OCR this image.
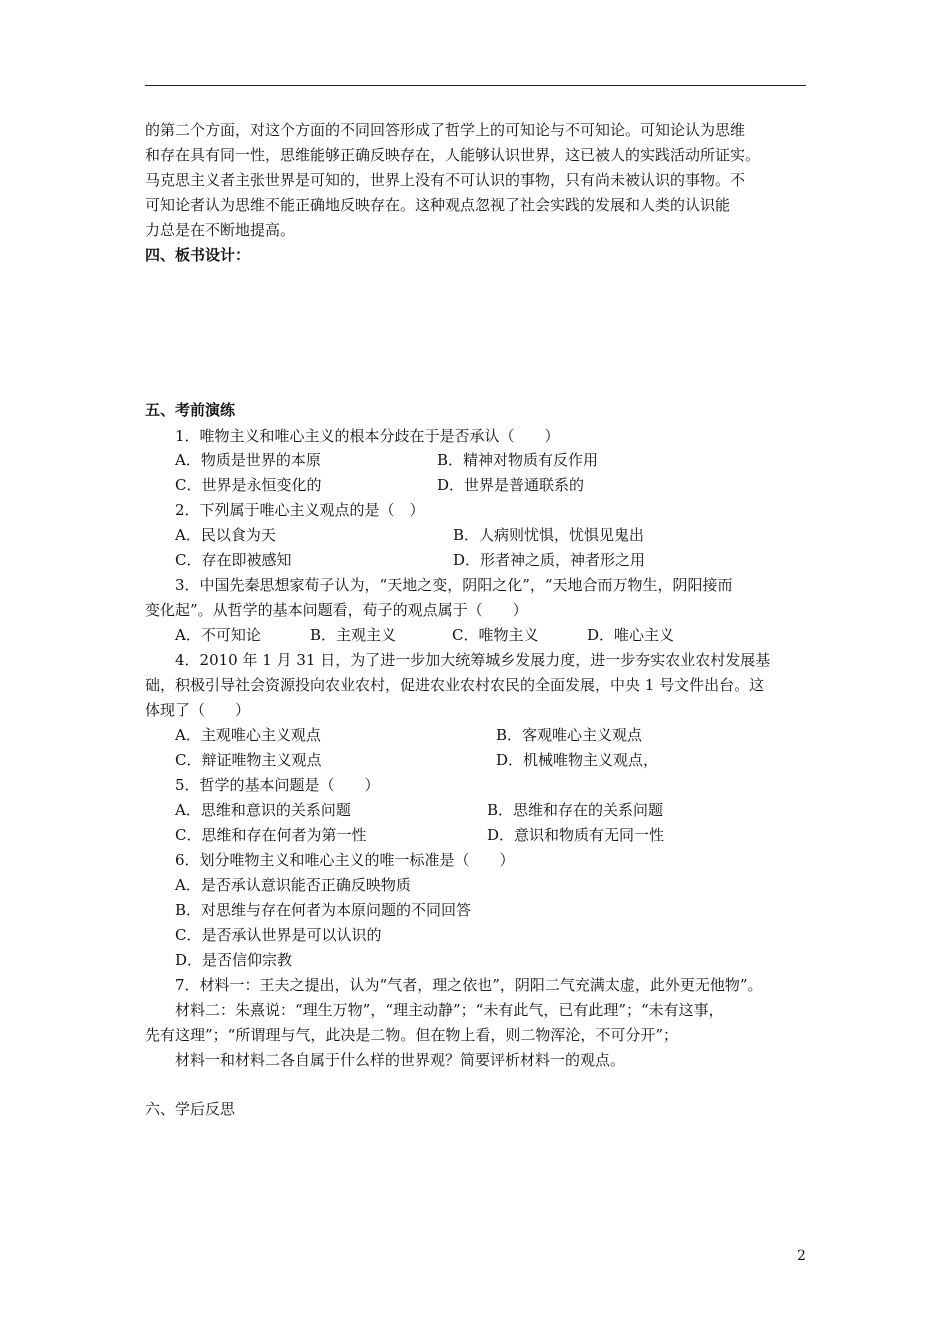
的第二个方面，对这个方面的不同回答形成了哲学上的可知论与不可知论。可知论认为思维
和存在具有同一性，思维能够正确反映存在，人能够认识世界，这已被人的实践活动所证实。
马克思主义者主张世界是可知的，世界上没有不可认识的事物，只有尚未被认识的事物。不
可知论者认为思维不能正确地反映存在。这种观点忽视了社会实践的发展和人类的认识能
力总是在不断地提高。
四、板书设计：
五、考前演练
1．唯物主义和唯心主义的根本分歧在于是否承认（　　）
A．物质是世界的本原	B．精神对物质有反作用
C．世界是永恒变化的	D．世界是普通联系的
2．下列属于唯心主义观点的是（　）
A．民以食为天	B．人病则忧惧，忧惧见鬼出
C．存在即被感知	D．形者神之质，神者形之用
3．中国先秦思想家荀子认为，“天地之变，阴阳之化”，“天地合而万物生，阴阳接而
变化起”。从哲学的基本问题看，荀子的观点属于（　　）
A．不可知论	B．主观主义	C．唯物主义	D．唯心主义
4．2010 年 1 月 31 日，为了进一步加大统筹城乡发展力度，进一步夯实农业农村发展基
础，积极引导社会资源投向农业农村，促进农业农村农民的全面发展，中央 1 号文件出台。这
体现了（　　）
A．主观唯心主义观点	B．客观唯心主义观点
C．辩证唯物主义观点	D．机械唯物主义观点，
5．哲学的基本问题是（　　）
A．思维和意识的关系问题	B．思维和存在的关系问题
C．思维和存在何者为第一性	D．意识和物质有无同一性
6．划分唯物主义和唯心主义的唯一标准是（　　）
A．是否承认意识能否正确反映物质
B．对思维与存在何者为本原问题的不同回答
C．是否承认世界是可以认识的
D．是否信仰宗教
7．材料一：王夫之提出，认为“气者，理之依也”，阴阳二气充满太虚，此外更无他物”。
材料二：朱熹说：“理生万物”，“理主动静”；“未有此气，已有此理”；“未有这事，
先有这理”；“所谓理与气，此决是二物。但在物上看，则二物浑沦，不可分开”；
材料一和材料二各自属于什么样的世界观？简要评析材料一的观点。
六、学后反思
2
